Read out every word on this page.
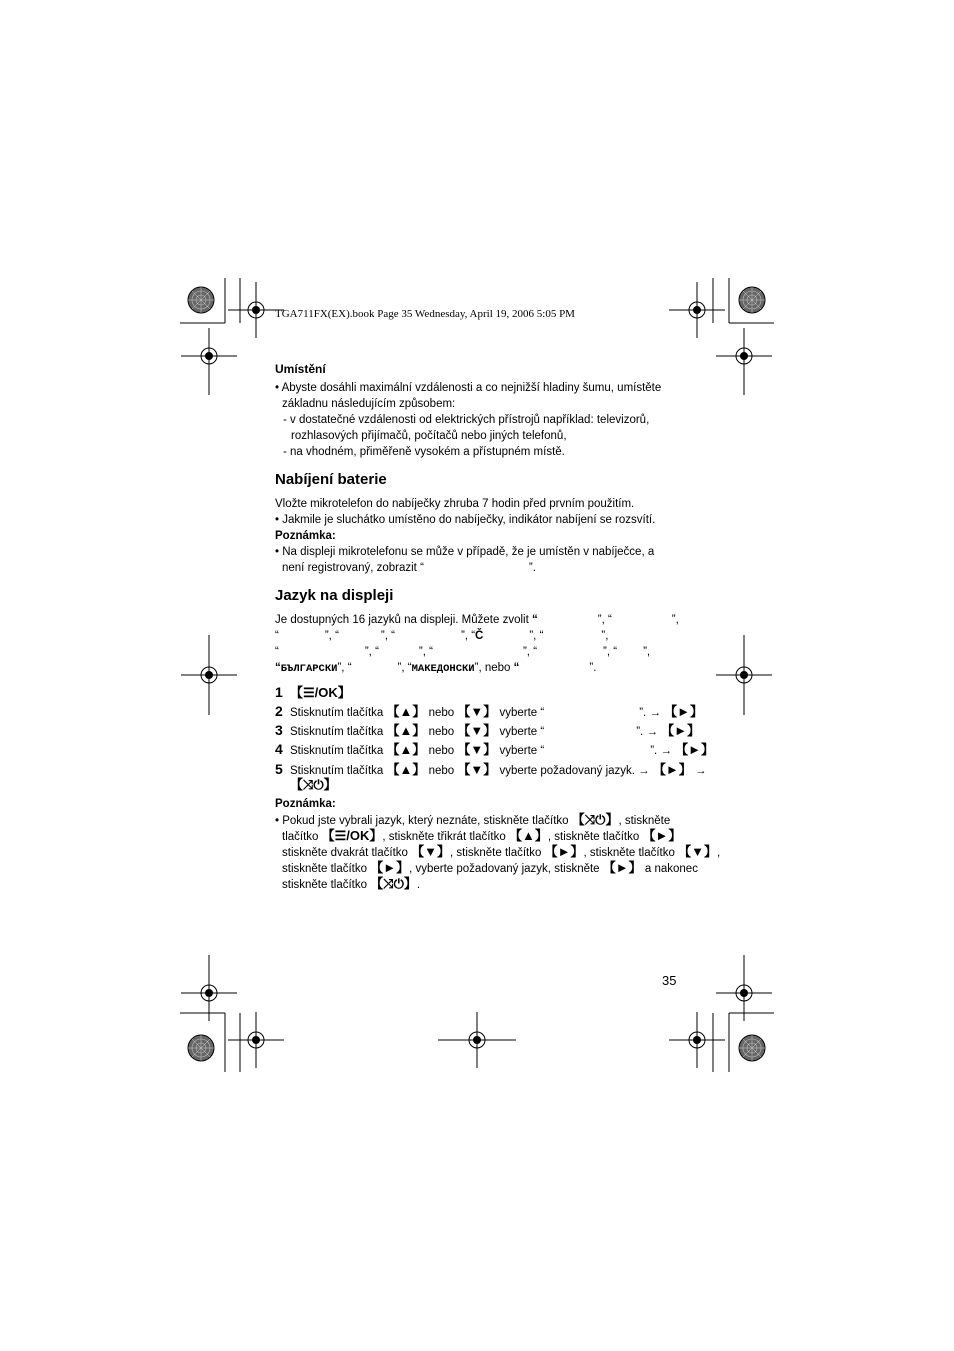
TGA711FX(EX).book Page 35 Wednesday, April 19, 2006 5:05 PM
Umístění
• Abyste dosáhli maximální vzdálenosti a co nejnižší hladiny šumu, umístěte
základnu následujícím způsobem:
- v dostatečné vzdálenosti od elektrických přístrojů například: televizorů,
rozhlasových přijímačů, počítačů nebo jiných telefonů,
- na vhodném, přiměřeně vysokém a přístupném místě.
Nabíjení baterie
Vložte mikrotelefon do nabíječky zhruba 7 hodin před prvním použitím.
• Jakmile je sluchátko umístěno do nabíječky, indikátor nabíjení se rozsvítí.
Poznámka:
• Na displeji mikrotelefonu se může v případě, že je umístěn v nabíječce, a
není registrovaný, zobrazit “	”.
Jazyk na displeji
Je dostupných 16 jazyků na displeji. Můžete zvolit “	”, “	”,
“	”, “	”, “	”, “Č	”, “	”,
“	”, “	”, “	”, “	”, “ ”,
“БЪЛГАРСКИ”, “	”, “МАКЕДОНСКИ”, nebo “	”.
1 【☰/OK】
2 Stisknutím tlačítka 【▲】 nebo 【▼】 vyberte “	”. → 【►】
3 Stisknutím tlačítka 【▲】 nebo 【▼】 vyberte “	”. → 【►】
4 Stisknutím tlačítka 【▲】 nebo 【▼】 vyberte “	”. → 【►】
5 Stisknutím tlačítka 【▲】 nebo 【▼】 vyberte požadovaný jazyk. → 【►】 →
【⤨⏻】
Poznámka:
• Pokud jste vybrali jazyk, který neznáte, stiskněte tlačítko 【⤨⏻】, stiskněte
tlačítko 【☰/OK】, stiskněte třikrát tlačítko 【▲】, stiskněte tlačítko 【►】
stiskněte dvakrát tlačítko 【▼】, stiskněte tlačítko 【►】, stiskněte tlačítko 【▼】,
stiskněte tlačítko 【►】, vyberte požadovaný jazyk, stiskněte 【►】 a nakonec
stiskněte tlačítko 【⤨⏻】.
35
